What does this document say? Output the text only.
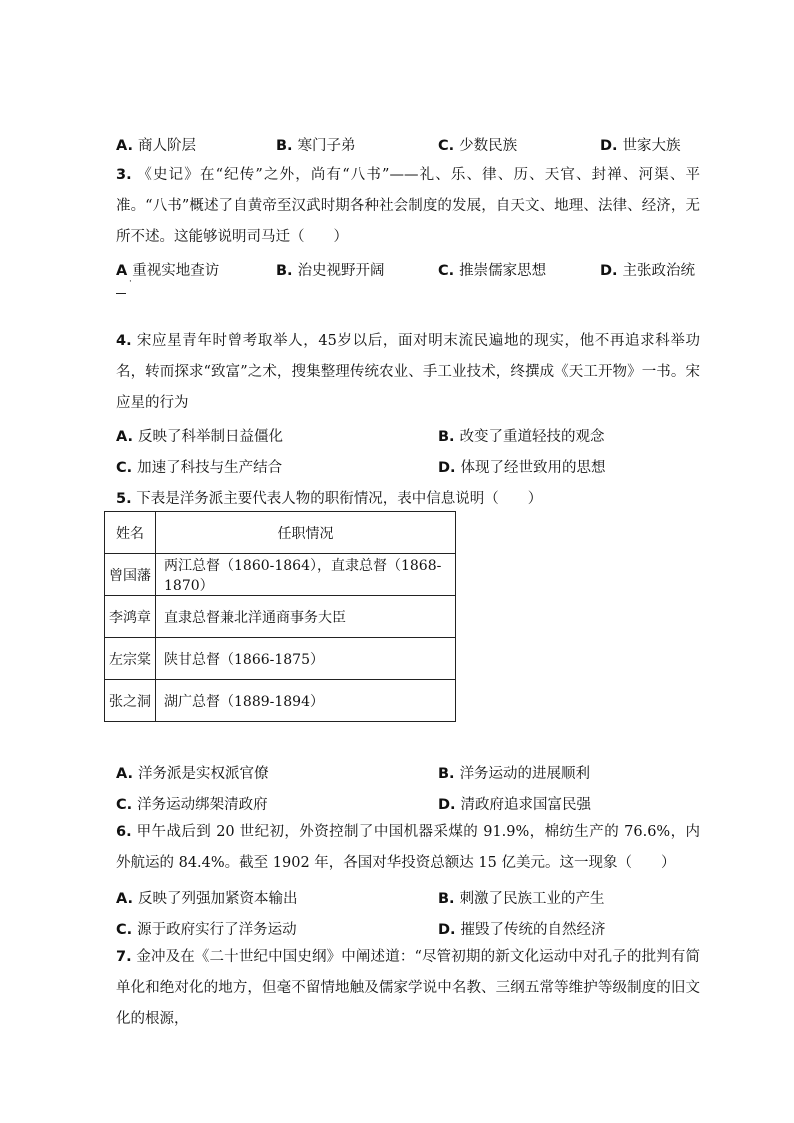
A. 商人阶层	B. 寒门子弟	C. 少数民族	D. 世家大族
3. 《史记》在“纪传”之外，尚有“八书”——礼、乐、律、历、天官、封禅、河渠、平准。“八书”概述了自黄帝至汉武时期各种社会制度的发展，自天文、地理、法律、经济，无所不述。这能够说明司马迁（　　）
A 重视实地查访
·
B. 治史视野开阔	C. 推崇儒家思想	D. 主张政治统
4. 宋应星青年时曾考取举人，45岁以后，面对明末流民遍地的现实，他不再追求科举功名，转而探求“致富”之术，搜集整理传统农业、手工业技术，终撰成《天工开物》一书。宋应星的行为
A. 反映了科举制日益僵化	B. 改变了重道轻技的观念
C. 加速了科技与生产结合	D. 体现了经世致用的思想
5. 下表是洋务派主要代表人物的职衔情况，表中信息说明（　　）
姓名	任职情况
曾国藩	两江总督（1860-1864），直隶总督（1868-1870）
李鸿章	直隶总督兼北洋通商事务大臣
左宗棠	陕甘总督（1866-1875）
张之洞	湖广总督（1889-1894）
A. 洋务派是实权派官僚	B. 洋务运动的进展顺利
C. 洋务运动绑架清政府	D. 清政府追求国富民强
6. 甲午战后到 20 世纪初，外资控制了中国机器采煤的 91.9%，棉纺生产的 76.6%，内外航运的 84.4%。截至 1902 年，各国对华投资总额达 15 亿美元。这一现象（　　）
A. 反映了列强加紧资本输出	B. 刺激了民族工业的产生
C. 源于政府实行了洋务运动	D. 摧毁了传统的自然经济
7. 金冲及在《二十世纪中国史纲》中阐述道：“尽管初期的新文化运动中对孔子的批判有简单化和绝对化的地方，但毫不留情地触及儒家学说中名教、三纲五常等维护等级制度的旧文化的根源，
